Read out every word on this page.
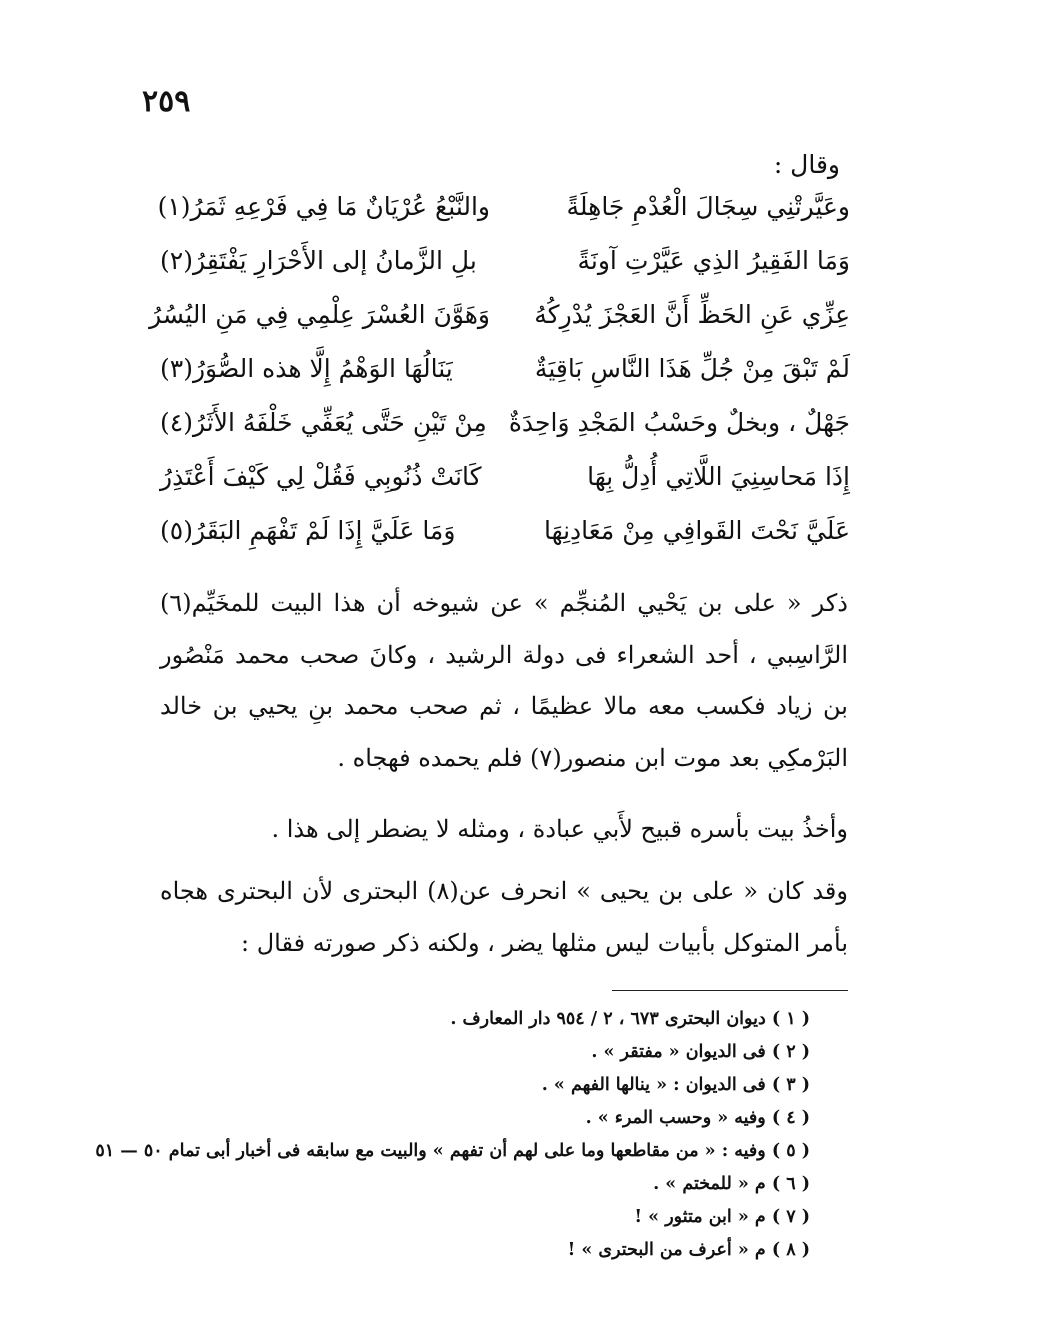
٢٥٩
وقال :
وعَيَّرتْنِي سِجَالَ الْعُدْمِ جَاهِلَةً
والنَّبْعُ عُرْيَانٌ مَا فِي فَرْعِهِ ثَمَرُ(١)
وَمَا الفَقِيرُ الذِي عَيَّرْتِ آونَةً
بلِ الزَّمانُ إلى الأَحْرَارِ يَفْتَقِرُ(٢)
عِزِّي عَنِ الحَظِّ أَنَّ العَجْزَ يُدْرِكُهُ
وَهَوَّنَ العُسْرَ عِلْمِي فِي مَنِ اليُسُرُ
لَمْ تَبْقَ مِنْ جُلِّ هَذَا النَّاسِ بَاقِيَةٌ
يَنَالُهَا الوَهْمُ إِلَّا هذه الصُّوَرُ(٣)
جَهْلٌ ، وبخلٌ وحَسْبُ المَجْدِ وَاحِدَةٌ
مِنْ تَيْنِ حَتَّى يُعَفِّي خَلْفَهُ الأَثَرُ(٤)
إِذَا مَحاسِنِيَ اللَّاتِي أُدِلُّ بِهَا
كَانَتْ ذُنُوبِي فَقُلْ لِي كَيْفَ أَعْتَذِرُ
عَلَيَّ نَحْتَ القَوافِي مِنْ مَعَادِنِهَا
وَمَا عَلَيَّ إِذَا لَمْ تَفْهَمِ البَقَرُ(٥)
ذكر « على بن يَحْيي المُنجِّم » عن شيوخه أن هذا البيت للمخَيِّم(٦) الرَّاسِبي ، أحد الشعراء فى دولة الرشيد ، وكانَ صحب محمد مَنْصُور بن زياد فكسب معه مالا عظيمًا ، ثم صحب محمد بنِ يحيي بن خالد البَرْمكِي بعد موت ابن منصور(٧) فلم يحمده فهجاه .
وأخذُ بيت بأسره قبيح لأَبي عبادة ، ومثله لا يضطر إلى هذا .
وقد كان « على بن يحيى » انحرف عن(٨) البحترى لأن البحترى هجاه بأمر المتوكل بأبيات ليس مثلها يضر ، ولكنه ذكر صورته فقال :
( ١ ) ديوان البحترى ٦٧٣ ، ٢ / ٩٥٤ دار المعارف .
( ٢ ) فى الديوان « مفتقر » .
( ٣ ) فى الديوان : « ينالها الفهم » .
( ٤ ) وفيه « وحسب المرء » .
( ٥ ) وفيه : « من مقاطعها وما على لهم أن تفهم » والبيت مع سابقه فى أخبار أبى تمام ٥٠ — ٥١
( ٦ ) م « للمختم » .
( ٧ ) م « ابن متثور » !
( ٨ ) م « أعرف من البحترى » !
